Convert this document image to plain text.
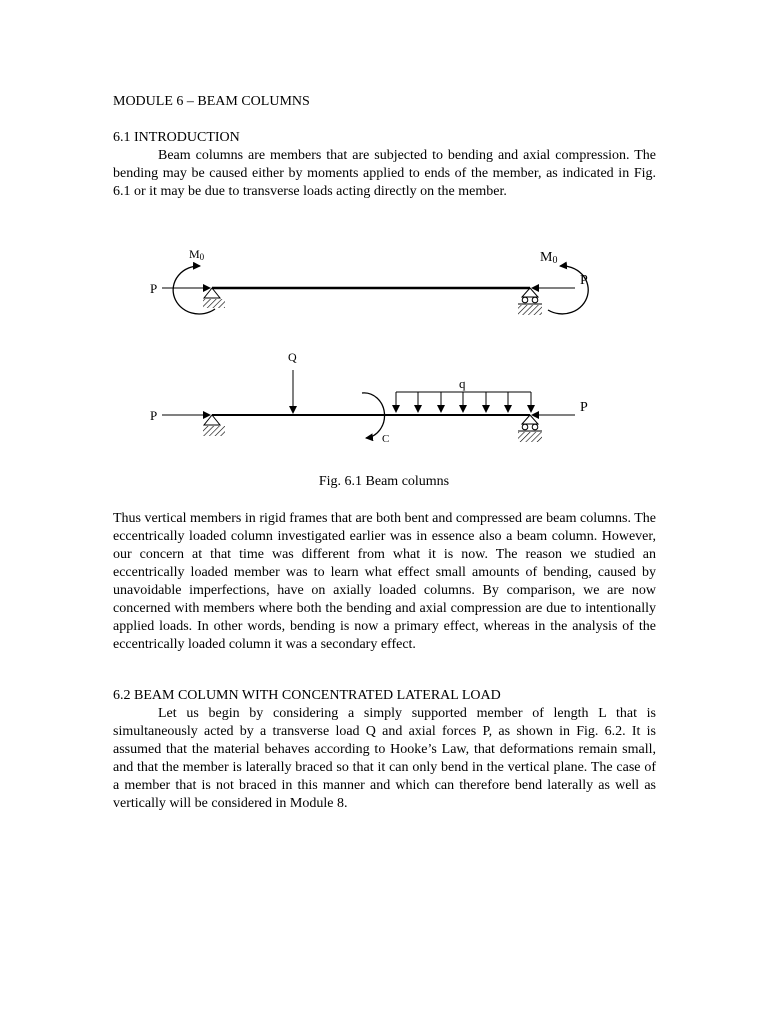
MODULE 6 – BEAM COLUMNS
6.1 INTRODUCTION

Beam columns are members that are subjected to bending and axial compression. The bending may be caused either by moments applied to ends of the member, as indicated in Fig. 6.1 or it may be due to transverse loads acting directly on the member.

P
P
M0	M0
P
P
Q
q
C
Fig. 6.1 Beam columns

Thus vertical members in rigid frames that are both bent and compressed are beam columns. The eccentrically loaded column investigated earlier was in essence also a beam column. However, our concern at that time was different from what it is now. The reason we studied an eccentrically loaded member was to learn what effect small amounts of bending, caused by unavoidable imperfections, have on axially loaded columns. By comparison, we are now concerned with members where both the bending and axial compression are due to intentionally applied loads. In other words, bending is now a primary effect, whereas in the analysis of the eccentrically loaded column it was a secondary effect.

6.2 BEAM COLUMN WITH CONCENTRATED LATERAL LOAD

Let us begin by considering a simply supported member of length L that is simultaneously acted by a transverse load Q and axial forces P, as shown in Fig. 6.2. It is assumed that the material behaves according to Hooke’s Law, that deformations remain small, and that the member is laterally braced so that it can only bend in the vertical plane. The case of a member that is not braced in this manner and which can therefore bend laterally as well as vertically will be considered in Module 8.
